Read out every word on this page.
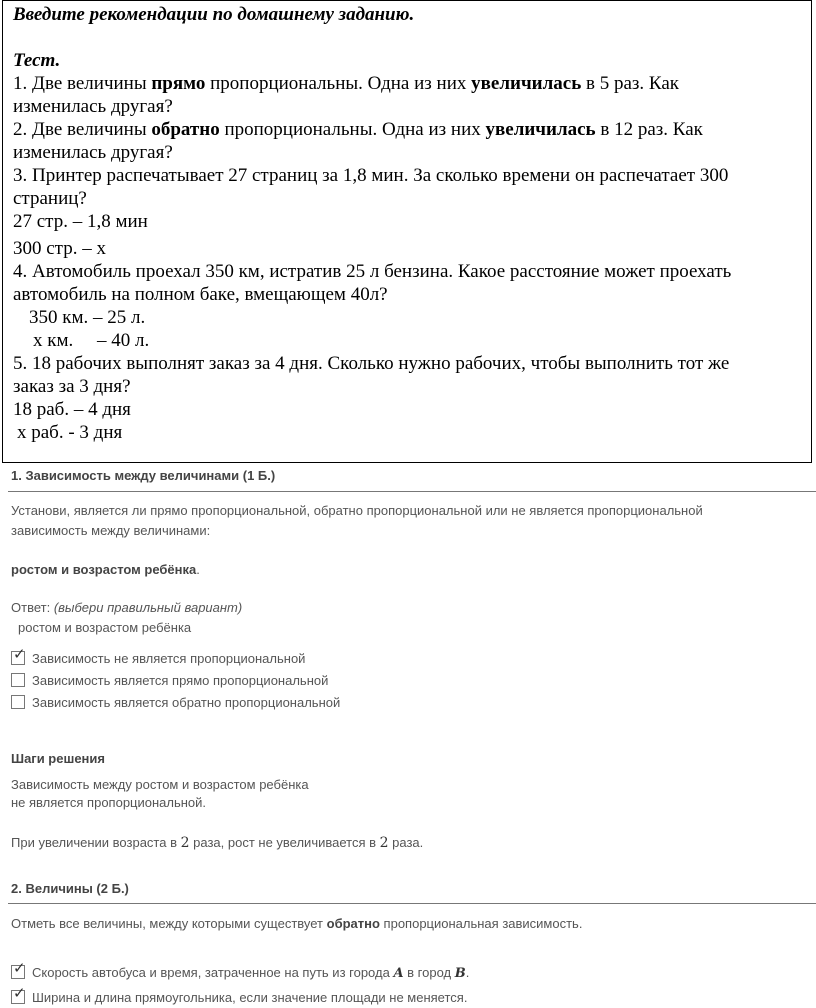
Введите рекомендации по домашнему заданию.
Тест.
1. Две величины прямо пропорциональны. Одна из них увеличилась в 5 раз. Как
изменилась другая?
2. Две величины обратно пропорциональны. Одна из них увеличилась в 12 раз. Как
изменилась другая?
3. Принтер распечатывает 27 страниц за 1,8 мин. За сколько времени он распечатает 300
страниц?
27 стр. – 1,8 мин
300 стр. – х
4. Автомобиль проехал 350 км, истратив 25 л бензина. Какое расстояние может проехать
автомобиль на полном баке, вмещающем 40л?
350 км. – 25 л.
х км.     – 40 л.
5. 18 рабочих выполнят заказ за 4 дня. Сколько нужно рабочих, чтобы выполнить тот же
заказ за 3 дня?
18 раб. – 4 дня
х раб. - 3 дня
1. Зависимость между величинами (1 Б.)
Установи, является ли прямо пропорциональной, обратно пропорциональной или не является пропорциональной
зависимость между величинами:
ростом и возрастом ребёнка.
Ответ: (выбери правильный вариант)
ростом и возрастом ребёнка
✓ Зависимость не является пропорциональной
Зависимость является прямо пропорциональной
Зависимость является обратно пропорциональной
Шаги решения
Зависимость между ростом и возрастом ребёнка
не является пропорциональной.
При увеличении возраста в 2 раза, рост не увеличивается в 2 раза.
2. Величины (2 Б.)
Отметь все величины, между которыми существует обратно пропорциональная зависимость.
✓ Скорость автобуса и время, затраченное на путь из города A в город B.
✓ Ширина и длина прямоугольника, если значение площади не меняется.
